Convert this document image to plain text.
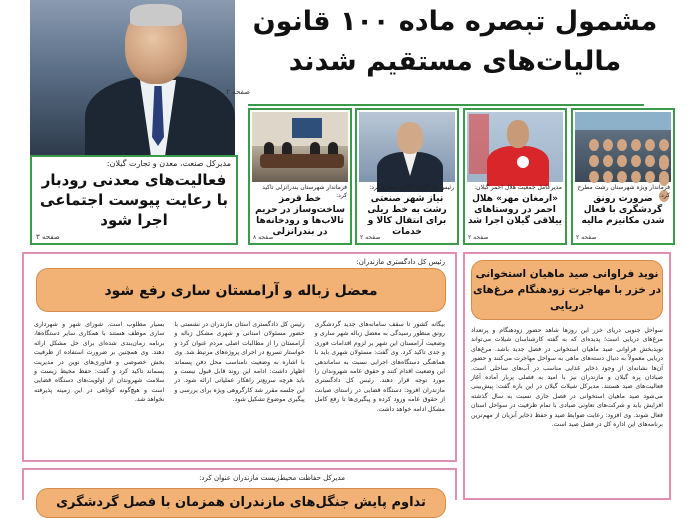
مشمول تبصره ماده ۱۰۰ قانون
مالیات‌های مستقیم شدند
صفحه ۲
مدیرکل صنعت، معدن و تجارت گیلان:
فعالیت‌های معدنی رودبار با رعایت پیوست اجتماعی اجرا شود
صفحه ۳
فرماندار شهرستان بندرانزلی تاکید کرد:
خط قرمز ساخت‌وساز در حریم تالاب‌ها و رودخانه‌ها در بندرانزلی
صفحه ۸
رئیس کل گمرک گیلان مطرح کرد:
نیاز شهر صنعتی رشت به خط ریلی برای انتقال کالا و خدمات
صفحه ۲
مدیرعامل جمعیت هلال احمر گیلان:
«ارمغان مهر» هلال احمر در روستاهای ییلاقی گیلان اجرا شد
صفحه ۲
فرماندار ویژه شهرستان رشت مطرح کرد:
ضرورت رونق گردشگری با فعال شدن مکانیزم مالیه
صفحه ۲
رئیس کل دادگستری مازندران:
معضل زباله و آرامستان ساری رفع شود
بیگانه کشور تا سقف سامانه‌های جدید گردشگری رونق منظور رسیدگی به معضل زباله شهر ساری و وضعیت آرامستان این شهر بر لزوم اقدامات فوری و جدی تاکید کرد. وی گفت: مسئولان شهری باید با هماهنگی دستگاه‌های اجرایی نسبت به ساماندهی این وضعیت اقدام کنند و حقوق عامه شهروندان را مورد توجه قرار دهند. رئیس کل دادگستری مازندران افزود: دستگاه قضایی در راستای صیانت از حقوق عامه ورود کرده و پیگیری‌ها تا رفع کامل مشکل ادامه خواهد داشت.
رئیس کل دادگستری استان مازندران در نشستی با حضور مسئولان استانی و شهری مشکل زباله و آرامستان را از مطالبات اصلی مردم عنوان کرد و خواستار تسریع در اجرای پروژه‌های مرتبط شد. وی با اشاره به وضعیت نامناسب محل دفن پسماند اظهار داشت: ادامه این روند قابل قبول نیست و باید هرچه سریع‌تر راهکار عملیاتی ارائه شود. در این جلسه مقرر شد کارگروهی ویژه برای بررسی و پیگیری موضوع تشکیل شود.
بسیار مطلوب است. شورای شهر و شهرداری ساری موظف هستند با همکاری سایر دستگاه‌ها، برنامه زمان‌بندی شده‌ای برای حل مشکل ارائه دهند. وی همچنین بر ضرورت استفاده از ظرفیت بخش خصوصی و فناوری‌های نوین در مدیریت پسماند تاکید کرد و گفت: حفظ محیط زیست و سلامت شهروندان از اولویت‌های دستگاه قضایی است و هیچ‌گونه کوتاهی در این زمینه پذیرفته نخواهد شد.
نوید فراوانی صید ماهیان استخوانی در خزر با مهاجرت زودهنگام مرغ‌های دریایی
سواحل جنوبی دریای خزر این روزها شاهد حضور زودهنگام و پرتعداد مرغ‌های دریایی است؛ پدیده‌ای که به گفته کارشناسان شیلات می‌تواند نویدبخش فراوانی صید ماهیان استخوانی در فصل جدید باشد. مرغ‌های دریایی معمولاً به دنبال دسته‌های ماهی به سواحل مهاجرت می‌کنند و حضور آن‌ها نشانه‌ای از وجود ذخایر غذایی مناسب در آب‌های ساحلی است. صیادان پره گیلان و مازندران نیز با امید به فصلی پربار آماده آغاز فعالیت‌های صید هستند. مدیرکل شیلات گیلان در این باره گفت: پیش‌بینی می‌شود صید ماهیان استخوانی در فصل جاری نسبت به سال گذشته افزایش یابد و شرکت‌های تعاونی صیادی با تمام ظرفیت در سواحل استان فعال شوند. وی افزود: رعایت ضوابط صید و حفظ ذخایر آبزیان از مهم‌ترین برنامه‌های این اداره کل در فصل صید است.
مدیرکل حفاظت محیط‌زیست مازندران عنوان کرد:
تداوم پایش جنگل‌های مازندران همزمان با فصل گردشگری
